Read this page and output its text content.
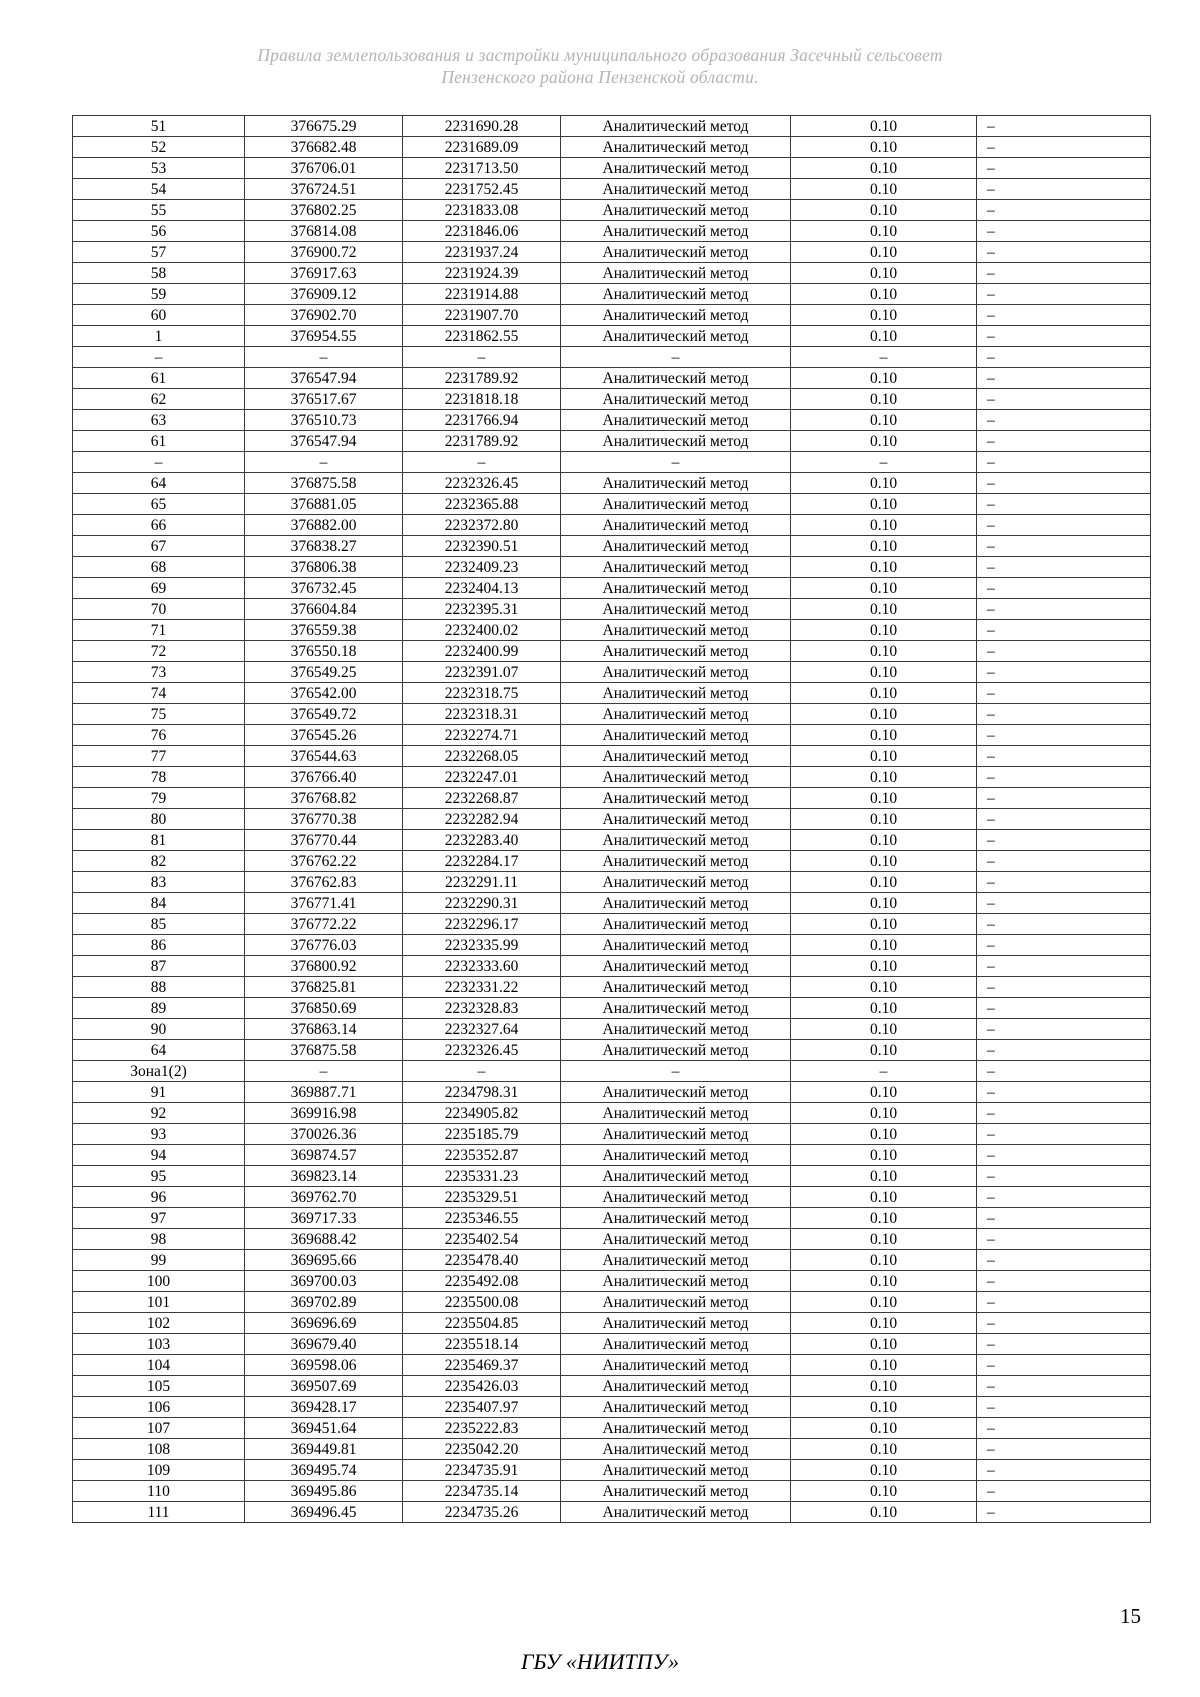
Правила землепользования и застройки муниципального образования Засечный сельсовет
Пензенского района Пензенской области.
51	376675.29	2231690.28	Аналитический метод	0.10	–
52	376682.48	2231689.09	Аналитический метод	0.10	–
53	376706.01	2231713.50	Аналитический метод	0.10	–
54	376724.51	2231752.45	Аналитический метод	0.10	–
55	376802.25	2231833.08	Аналитический метод	0.10	–
56	376814.08	2231846.06	Аналитический метод	0.10	–
57	376900.72	2231937.24	Аналитический метод	0.10	–
58	376917.63	2231924.39	Аналитический метод	0.10	–
59	376909.12	2231914.88	Аналитический метод	0.10	–
60	376902.70	2231907.70	Аналитический метод	0.10	–
1	376954.55	2231862.55	Аналитический метод	0.10	–
–	–	–	–	–	–
61	376547.94	2231789.92	Аналитический метод	0.10	–
62	376517.67	2231818.18	Аналитический метод	0.10	–
63	376510.73	2231766.94	Аналитический метод	0.10	–
61	376547.94	2231789.92	Аналитический метод	0.10	–
–	–	–	–	–	–
64	376875.58	2232326.45	Аналитический метод	0.10	–
65	376881.05	2232365.88	Аналитический метод	0.10	–
66	376882.00	2232372.80	Аналитический метод	0.10	–
67	376838.27	2232390.51	Аналитический метод	0.10	–
68	376806.38	2232409.23	Аналитический метод	0.10	–
69	376732.45	2232404.13	Аналитический метод	0.10	–
70	376604.84	2232395.31	Аналитический метод	0.10	–
71	376559.38	2232400.02	Аналитический метод	0.10	–
72	376550.18	2232400.99	Аналитический метод	0.10	–
73	376549.25	2232391.07	Аналитический метод	0.10	–
74	376542.00	2232318.75	Аналитический метод	0.10	–
75	376549.72	2232318.31	Аналитический метод	0.10	–
76	376545.26	2232274.71	Аналитический метод	0.10	–
77	376544.63	2232268.05	Аналитический метод	0.10	–
78	376766.40	2232247.01	Аналитический метод	0.10	–
79	376768.82	2232268.87	Аналитический метод	0.10	–
80	376770.38	2232282.94	Аналитический метод	0.10	–
81	376770.44	2232283.40	Аналитический метод	0.10	–
82	376762.22	2232284.17	Аналитический метод	0.10	–
83	376762.83	2232291.11	Аналитический метод	0.10	–
84	376771.41	2232290.31	Аналитический метод	0.10	–
85	376772.22	2232296.17	Аналитический метод	0.10	–
86	376776.03	2232335.99	Аналитический метод	0.10	–
87	376800.92	2232333.60	Аналитический метод	0.10	–
88	376825.81	2232331.22	Аналитический метод	0.10	–
89	376850.69	2232328.83	Аналитический метод	0.10	–
90	376863.14	2232327.64	Аналитический метод	0.10	–
64	376875.58	2232326.45	Аналитический метод	0.10	–
Зона1(2)	–	–	–	–	–
91	369887.71	2234798.31	Аналитический метод	0.10	–
92	369916.98	2234905.82	Аналитический метод	0.10	–
93	370026.36	2235185.79	Аналитический метод	0.10	–
94	369874.57	2235352.87	Аналитический метод	0.10	–
95	369823.14	2235331.23	Аналитический метод	0.10	–
96	369762.70	2235329.51	Аналитический метод	0.10	–
97	369717.33	2235346.55	Аналитический метод	0.10	–
98	369688.42	2235402.54	Аналитический метод	0.10	–
99	369695.66	2235478.40	Аналитический метод	0.10	–
100	369700.03	2235492.08	Аналитический метод	0.10	–
101	369702.89	2235500.08	Аналитический метод	0.10	–
102	369696.69	2235504.85	Аналитический метод	0.10	–
103	369679.40	2235518.14	Аналитический метод	0.10	–
104	369598.06	2235469.37	Аналитический метод	0.10	–
105	369507.69	2235426.03	Аналитический метод	0.10	–
106	369428.17	2235407.97	Аналитический метод	0.10	–
107	369451.64	2235222.83	Аналитический метод	0.10	–
108	369449.81	2235042.20	Аналитический метод	0.10	–
109	369495.74	2234735.91	Аналитический метод	0.10	–
110	369495.86	2234735.14	Аналитический метод	0.10	–
111	369496.45	2234735.26	Аналитический метод	0.10	–
15
ГБУ «НИИТПУ»
